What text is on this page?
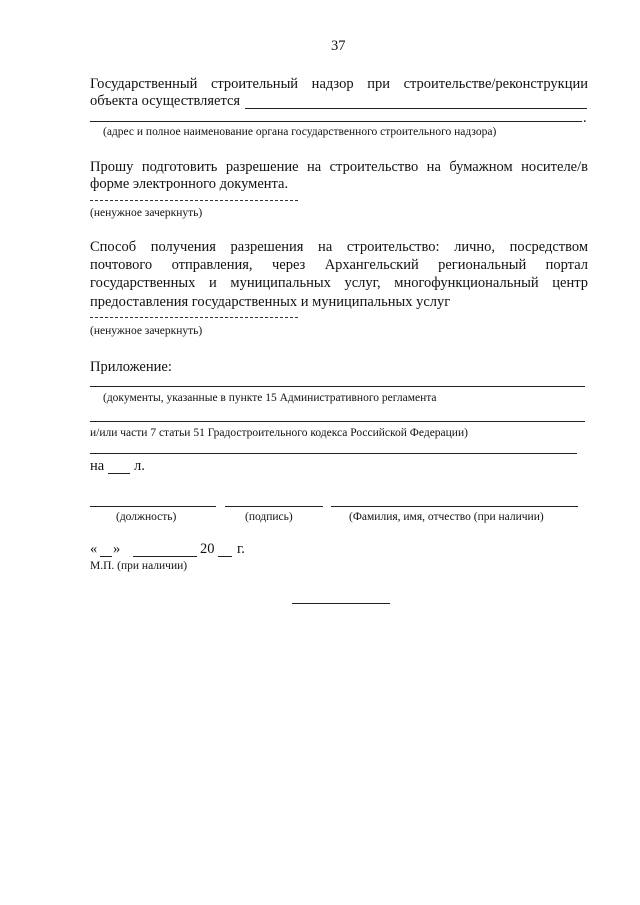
37
Государственный строительный надзор при строительстве/реконструкции
объекта осуществляется
.
(адрес и полное наименование органа государственного строительного надзора)
Прошу подготовить разрешение на строительство на бумажном носителе/в
форме электронного документа.
(ненужное зачеркнуть)
Способ получения разрешения на строительство: лично, посредством
почтового отправления, через Архангельский региональный портал
государственных и муниципальных услуг, многофункциональный центр
предоставления государственных и муниципальных услуг
(ненужное зачеркнуть)
Приложение:
(документы, указанные в пункте 15 Административного регламента
и/или части 7 статьи 51 Градостроительного кодекса Российской Федерации)
на л.
(должность)	(подпись)	(Фамилия, имя, отчество (при наличии)
« »	20 г.
М.П. (при наличии)
